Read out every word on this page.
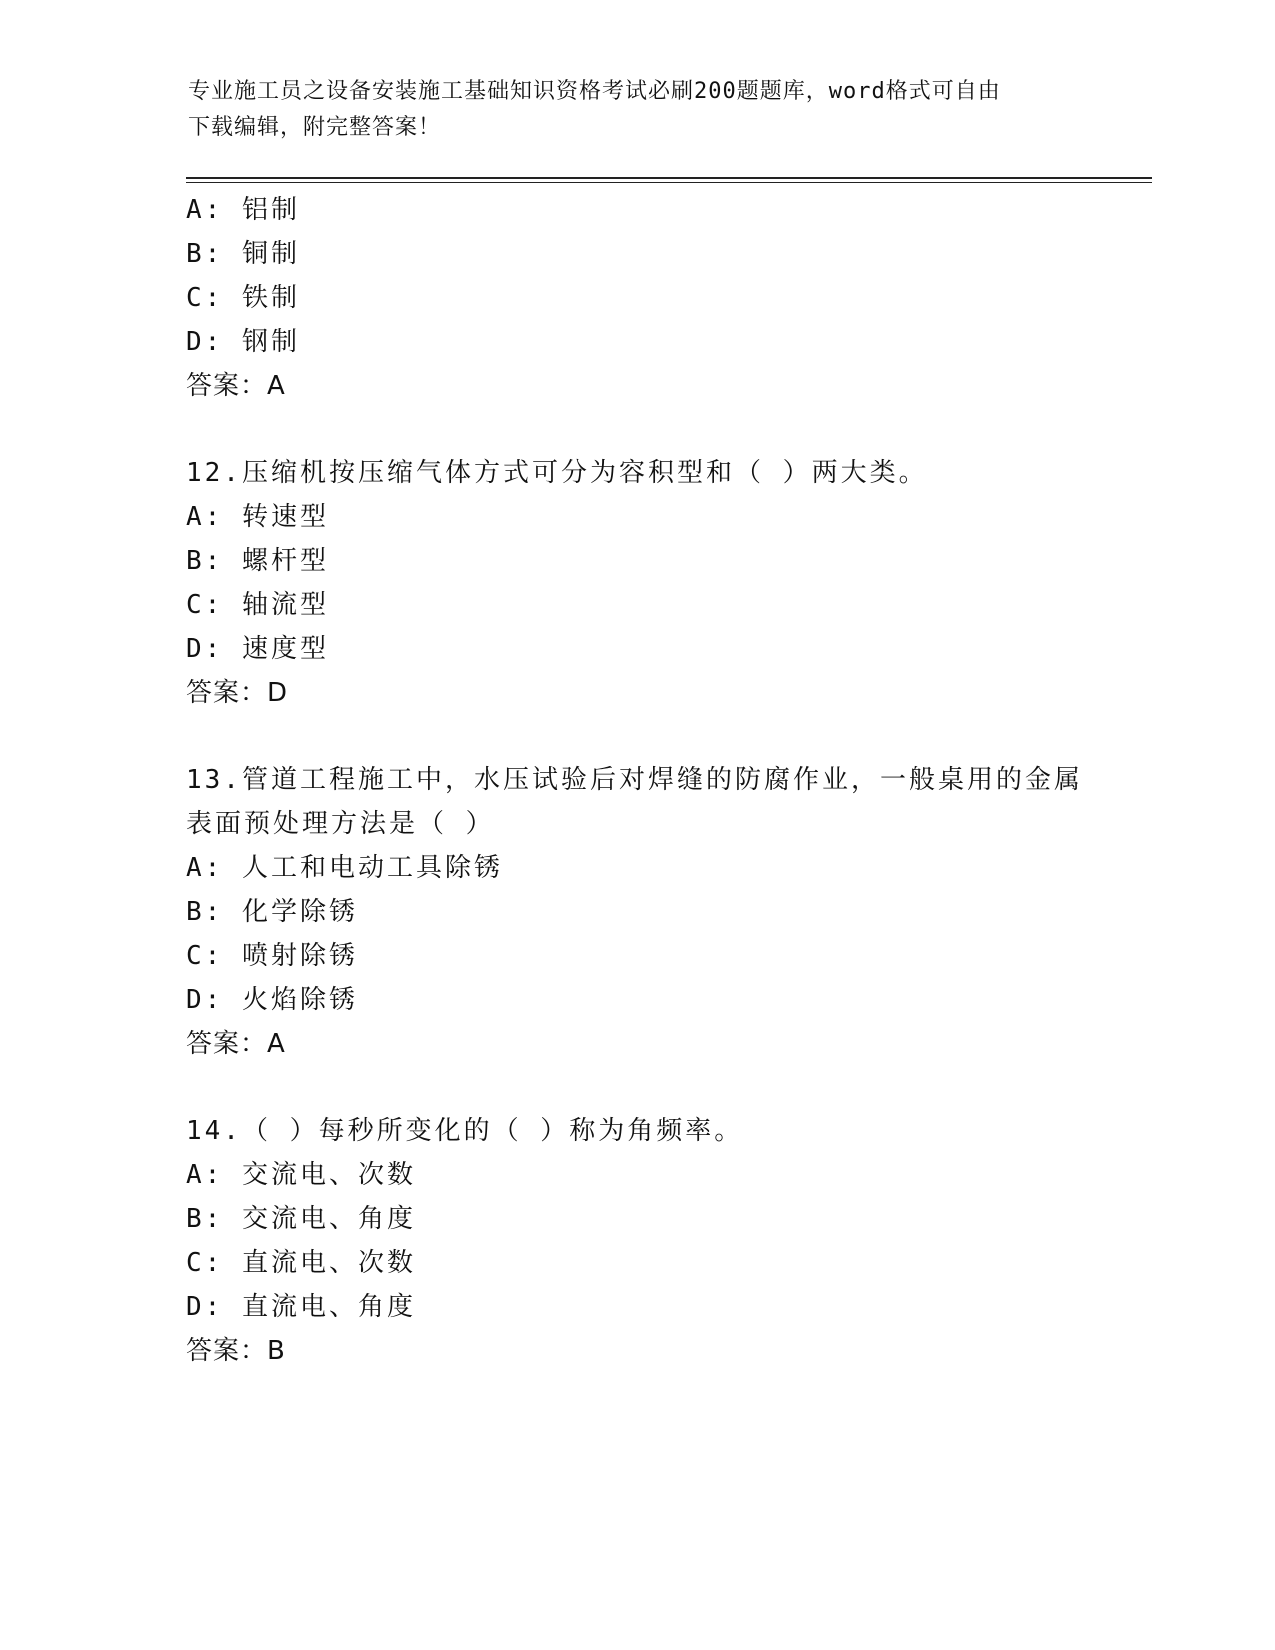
专业施工员之设备安装施工基础知识资格考试必刷200题题库，word格式可自由
下载编辑，附完整答案！
A: 铝制
B: 铜制
C: 铁制
D: 钢制
答案：A
12.压缩机按压缩气体方式可分为容积型和（ ）两大类。
A: 转速型
B: 螺杆型
C: 轴流型
D: 速度型
答案：D
13.管道工程施工中，水压试验后对焊缝的防腐作业，一般桌用的金属
表面预处理方法是（ ）
A: 人工和电动工具除锈
B: 化学除锈
C: 喷射除锈
D: 火焰除锈
答案：A
14.（ ）每秒所变化的（ ）称为角频率。
A: 交流电、次数
B: 交流电、角度
C: 直流电、次数
D: 直流电、角度
答案：B
